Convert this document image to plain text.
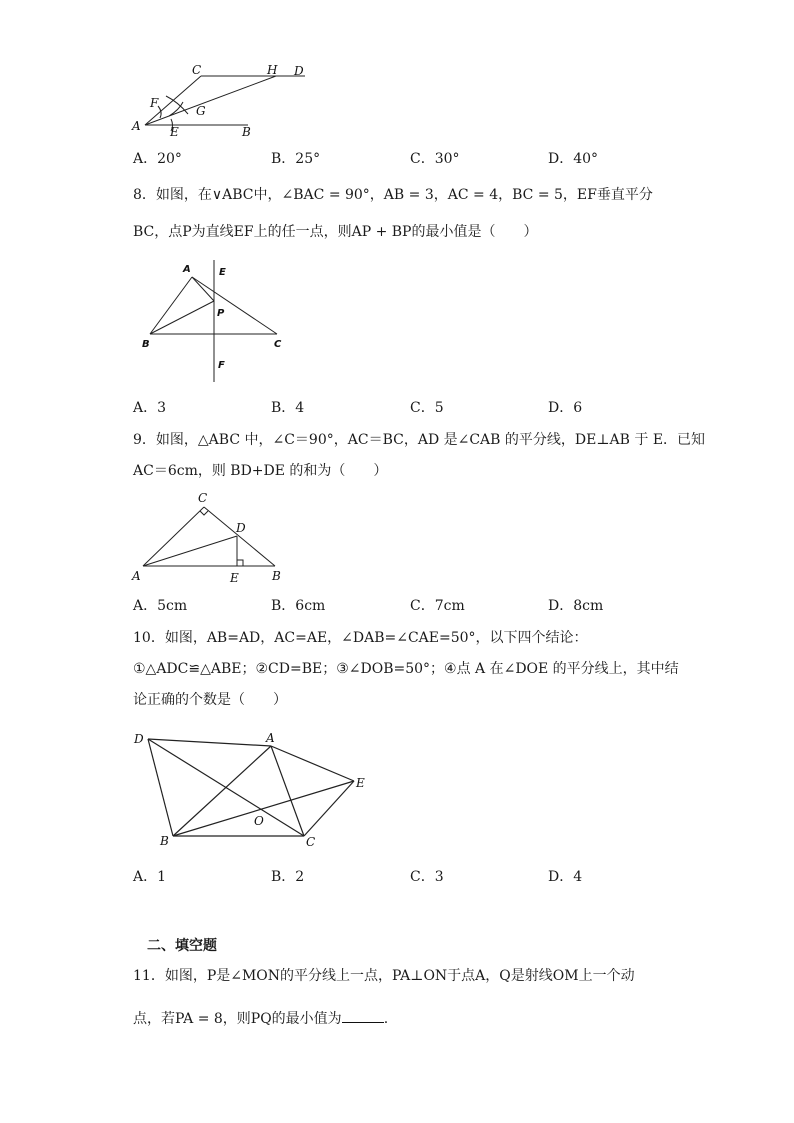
C	H D
F
G
A E	B
A．20°	B．25°	C．30°	D．40°
8．如图，在∨ABC中，∠BAC = 90°，AB = 3，AC = 4，BC = 5，EF垂直平分
BC，点P为直线EF上的任一点，则AP + BP的最小值是（　　）
A	E
P
B	C
F
A．3	B．4	C．5	D．6
9．如图，△ABC 中，∠C＝90°，AC＝BC，AD 是∠CAB 的平分线，DE⊥AB 于 E．已知
AC＝6cm，则 BD+DE 的和为（　　）
C
D
A	E	B
A．5cm	B．6cm	C．7cm	D．8cm
10．如图，AB=AD，AC=AE，∠DAB=∠CAE=50°，以下四个结论：
①△ADC≌△ABE；②CD=BE；③∠DOB=50°；④点 A 在∠DOE 的平分线上，其中结
论正确的个数是（　　）
D	A
E
O
B	C
A．1	B．2	C．3	D．4
二、填空题
11．如图，P是∠MON的平分线上一点，PA⊥ON于点A，Q是射线OM上一个动
点，若PA = 8，则PQ的最小值为	.
